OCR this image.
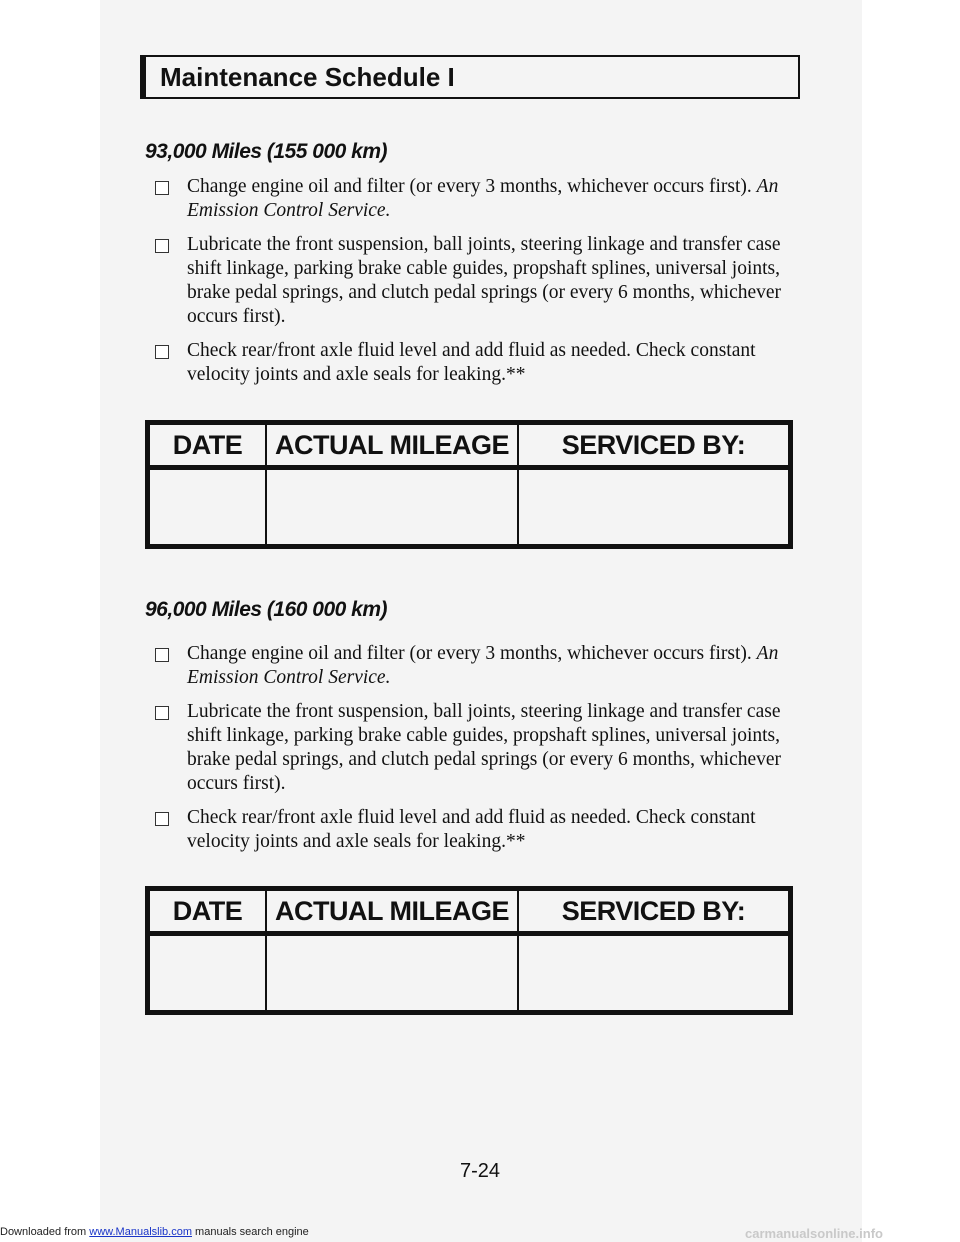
Maintenance Schedule I
93,000 Miles (155 000 km)
Change engine oil and filter (or every 3 months, whichever occurs first). An Emission Control Service.
Lubricate the front suspension, ball joints, steering linkage and transfer case shift linkage, parking brake cable guides, propshaft splines, universal joints, brake pedal springs, and clutch pedal springs (or every 6 months, whichever occurs first).
Check rear/front axle fluid level and add fluid as needed. Check constant velocity joints and axle seals for leaking.**
DATE	ACTUAL MILEAGE	SERVICED BY:

96,000 Miles (160 000 km)
Change engine oil and filter (or every 3 months, whichever occurs first). An Emission Control Service.
Lubricate the front suspension, ball joints, steering linkage and transfer case shift linkage, parking brake cable guides, propshaft splines, universal joints, brake pedal springs, and clutch pedal springs (or every 6 months, whichever occurs first).
Check rear/front axle fluid level and add fluid as needed. Check constant velocity joints and axle seals for leaking.**
DATE	ACTUAL MILEAGE	SERVICED BY:

7-24
Downloaded from www.Manualslib.com manuals search engine	carmanualsonline.info
